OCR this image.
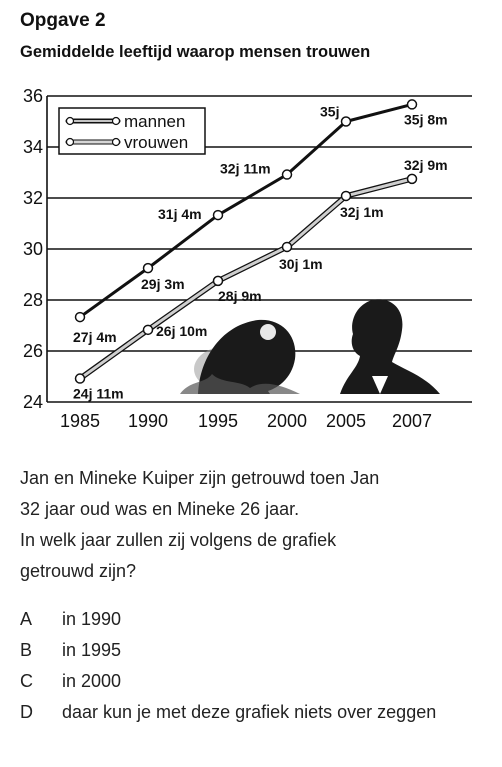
Opgave 2
Gemiddelde leeftijd waarop mensen trouwen
24
26
28
30
32
34
36
1985 1990 1995 2000 2005 2007
27j 4m
29j 3m
31j 4m
32j 11m
35j	35j 8m
24j 11m
26j 10m
28j 9m
30j 1m
32j 1m
32j 9m
mannen
vrouwen
Jan en Mineke Kuiper zijn getrouwd toen Jan
32 jaar oud was en Mineke 26 jaar.
In welk jaar zullen zij volgens de grafiek
getrouwd zijn?
A	in 1990
B	in 1995
C	in 2000
D	daar kun je met deze grafiek niets over zeggen
